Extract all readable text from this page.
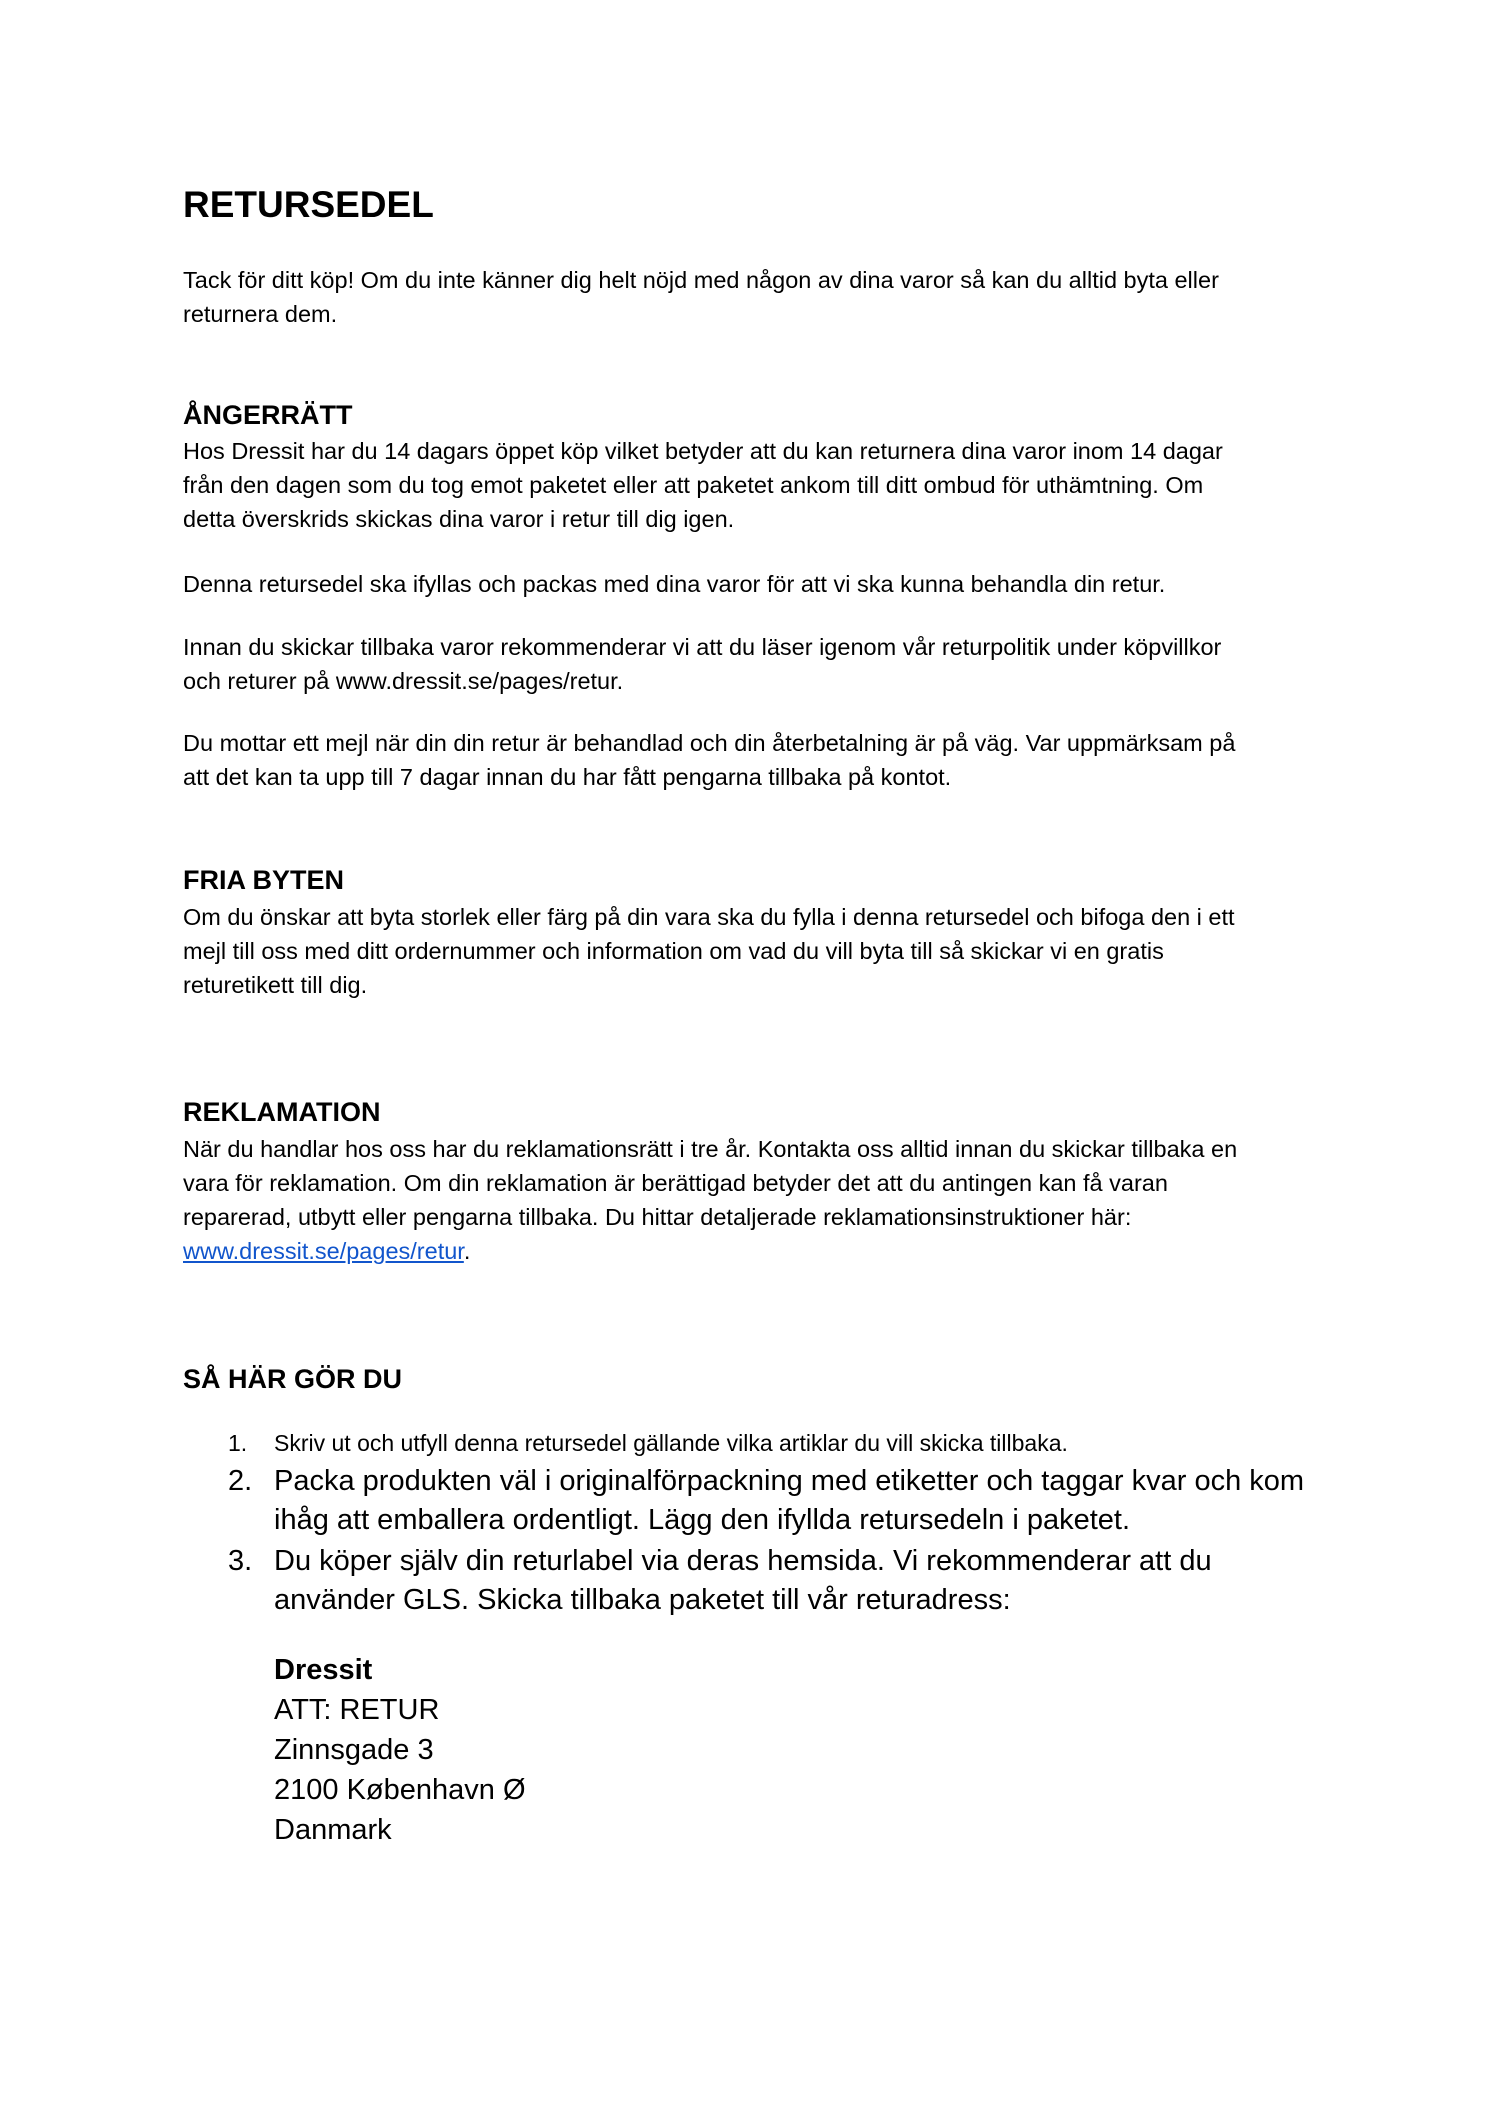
RETURSEDEL
Tack för ditt köp! Om du inte känner dig helt nöjd med någon av dina varor så kan du alltid byta eller
returnera dem.
ÅNGERRÄTT
Hos Dressit har du 14 dagars öppet köp vilket betyder att du kan returnera dina varor inom 14 dagar
från den dagen som du tog emot paketet eller att paketet ankom till ditt ombud för uthämtning. Om
detta överskrids skickas dina varor i retur till dig igen.
Denna retursedel ska ifyllas och packas med dina varor för att vi ska kunna behandla din retur.
Innan du skickar tillbaka varor rekommenderar vi att du läser igenom vår returpolitik under köpvillkor
och returer på www.dressit.se/pages/retur.
Du mottar ett mejl när din din retur är behandlad och din återbetalning är på väg. Var uppmärksam på
att det kan ta upp till 7 dagar innan du har fått pengarna tillbaka på kontot.
FRIA BYTEN
Om du önskar att byta storlek eller färg på din vara ska du fylla i denna retursedel och bifoga den i ett
mejl till oss med ditt ordernummer och information om vad du vill byta till så skickar vi en gratis
returetikett till dig.
REKLAMATION
När du handlar hos oss har du reklamationsrätt i tre år. Kontakta oss alltid innan du skickar tillbaka en
vara för reklamation. Om din reklamation är berättigad betyder det att du antingen kan få varan
reparerad, utbytt eller pengarna tillbaka. Du hittar detaljerade reklamationsinstruktioner här:
www.dressit.se/pages/retur.
SÅ HÄR GÖR DU
1. Skriv ut och utfyll denna retursedel gällande vilka artiklar du vill skicka tillbaka.
2. Packa produkten väl i originalförpackning med etiketter och taggar kvar och kom
ihåg att emballera ordentligt. Lägg den ifyllda retursedeln i paketet.
3. Du köper själv din returlabel via deras hemsida. Vi rekommenderar att du
använder GLS. Skicka tillbaka paketet till vår returadress:
Dressit
ATT: RETUR
Zinnsgade 3
2100 København Ø
Danmark
